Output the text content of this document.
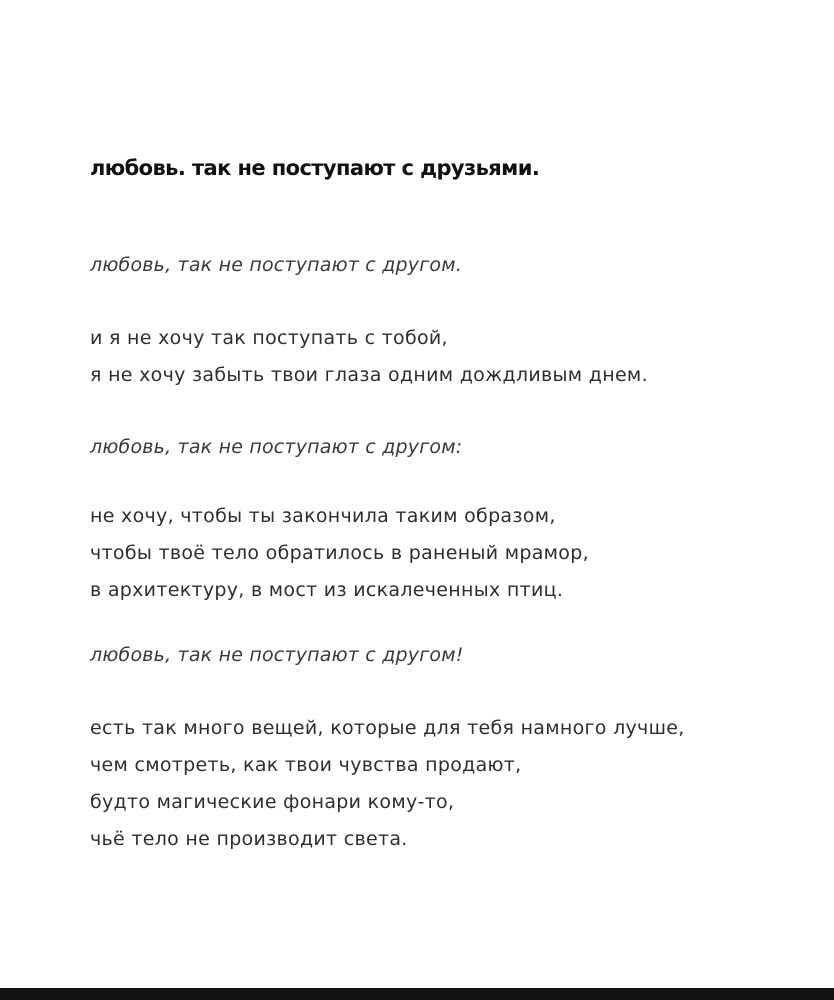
любовь. так не поступают с друзьями.
любовь, так не поступают с другом.
и я не хочу так поступать с тобой,
я не хочу забыть твои глаза одним дождливым днем.
любовь, так не поступают с другом:
не хочу, чтобы ты закончила таким образом,
чтобы твоё тело обратилось в раненый мрамор,
в архитектуру, в мост из искалеченных птиц.
любовь, так не поступают с другом!
есть так много вещей, которые для тебя намного лучше,
чем смотреть, как твои чувства продают,
будто магические фонари кому-то,
чьё тело не производит света.
